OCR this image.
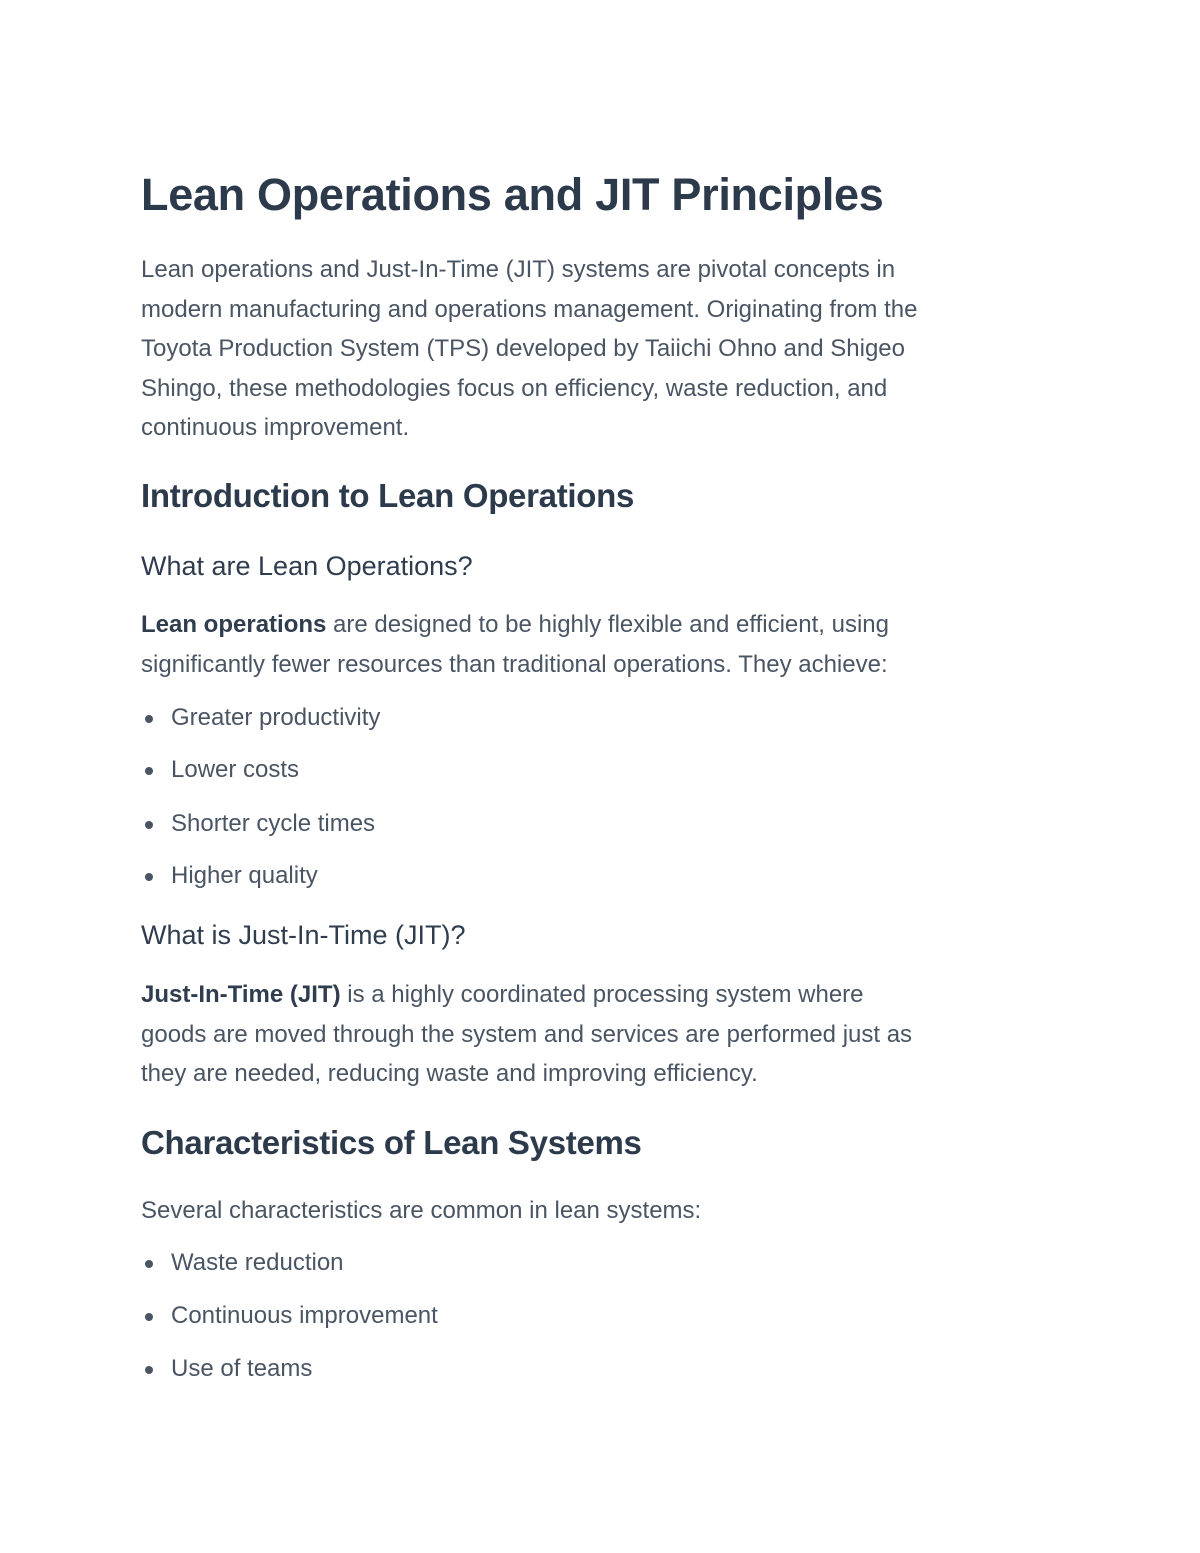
Lean Operations and JIT Principles
Lean operations and Just-In-Time (JIT) systems are pivotal concepts in
modern manufacturing and operations management. Originating from the
Toyota Production System (TPS) developed by Taiichi Ohno and Shigeo
Shingo, these methodologies focus on efficiency, waste reduction, and
continuous improvement.
Introduction to Lean Operations
What are Lean Operations?
Lean operations are designed to be highly flexible and efficient, using
significantly fewer resources than traditional operations. They achieve:
Greater productivity
Lower costs
Shorter cycle times
Higher quality
What is Just-In-Time (JIT)?
Just-In-Time (JIT) is a highly coordinated processing system where
goods are moved through the system and services are performed just as
they are needed, reducing waste and improving efficiency.
Characteristics of Lean Systems
Several characteristics are common in lean systems:
Waste reduction
Continuous improvement
Use of teams
